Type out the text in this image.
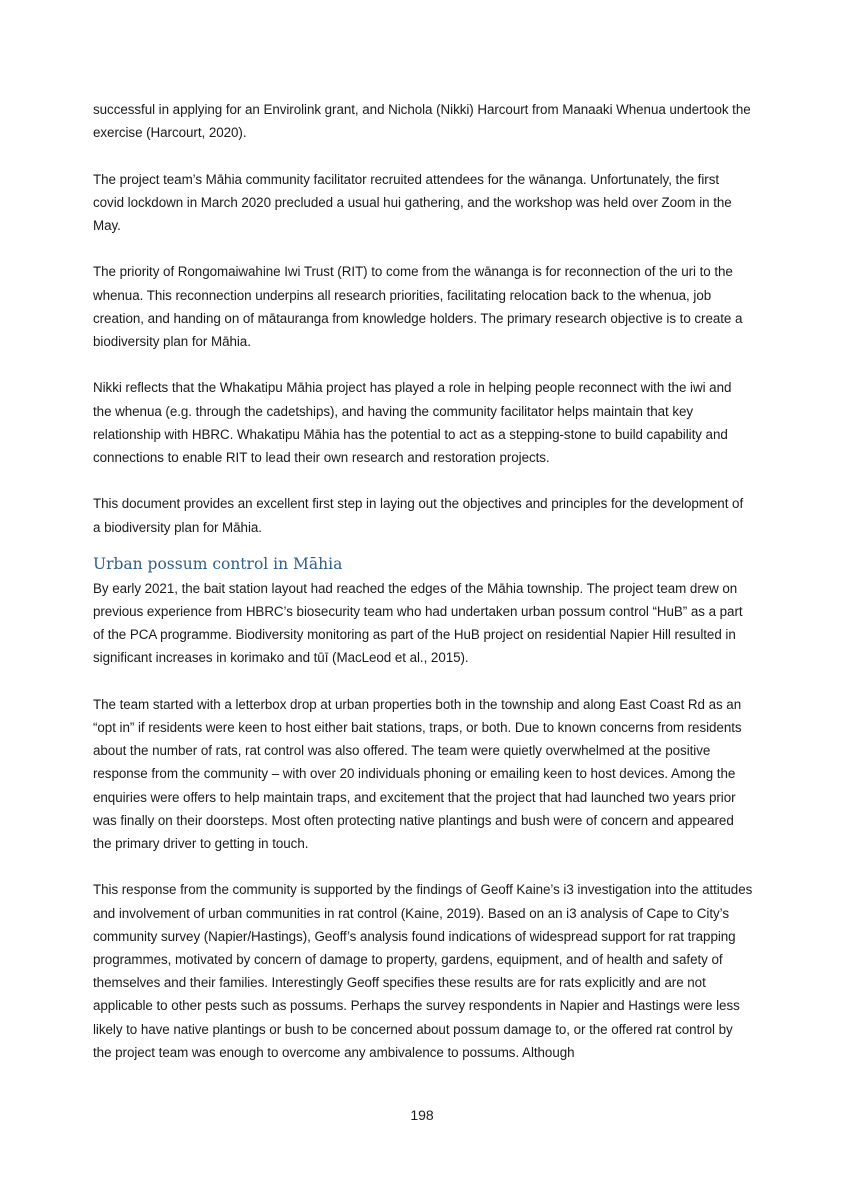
successful in applying for an Envirolink grant, and Nichola (Nikki) Harcourt from Manaaki Whenua undertook the exercise (Harcourt, 2020).

The project team’s Māhia community facilitator recruited attendees for the wānanga. Unfortunately, the first covid lockdown in March 2020 precluded a usual hui gathering, and the workshop was held over Zoom in the May.

The priority of Rongomaiwahine Iwi Trust (RIT) to come from the wānanga is for reconnection of the uri to the whenua. This reconnection underpins all research priorities, facilitating relocation back to the whenua, job creation, and handing on of mātauranga from knowledge holders. The primary research objective is to create a biodiversity plan for Māhia.

Nikki reflects that the Whakatipu Māhia project has played a role in helping people reconnect with the iwi and the whenua (e.g. through the cadetships), and having the community facilitator helps maintain that key relationship with HBRC. Whakatipu Māhia has the potential to act as a stepping-stone to build capability and connections to enable RIT to lead their own research and restoration projects.

This document provides an excellent first step in laying out the objectives and principles for the development of a biodiversity plan for Māhia.

Urban possum control in Māhia

By early 2021, the bait station layout had reached the edges of the Māhia township. The project team drew on previous experience from HBRC’s biosecurity team who had undertaken urban possum control “HuB” as a part of the PCA programme. Biodiversity monitoring as part of the HuB project on residential Napier Hill resulted in significant increases in korimako and tūī (MacLeod et al., 2015).

The team started with a letterbox drop at urban properties both in the township and along East Coast Rd as an “opt in” if residents were keen to host either bait stations, traps, or both. Due to known concerns from residents about the number of rats, rat control was also offered. The team were quietly overwhelmed at the positive response from the community – with over 20 individuals phoning or emailing keen to host devices. Among the enquiries were offers to help maintain traps, and excitement that the project that had launched two years prior was finally on their doorsteps. Most often protecting native plantings and bush were of concern and appeared the primary driver to getting in touch.

This response from the community is supported by the findings of Geoff Kaine’s i3 investigation into the attitudes and involvement of urban communities in rat control (Kaine, 2019). Based on an i3 analysis of Cape to City’s community survey (Napier/Hastings), Geoff’s analysis found indications of widespread support for rat trapping programmes, motivated by concern of damage to property, gardens, equipment, and of health and safety of themselves and their families. Interestingly Geoff specifies these results are for rats explicitly and are not applicable to other pests such as possums. Perhaps the survey respondents in Napier and Hastings were less likely to have native plantings or bush to be concerned about possum damage to, or the offered rat control by the project team was enough to overcome any ambivalence to possums. Although

198
